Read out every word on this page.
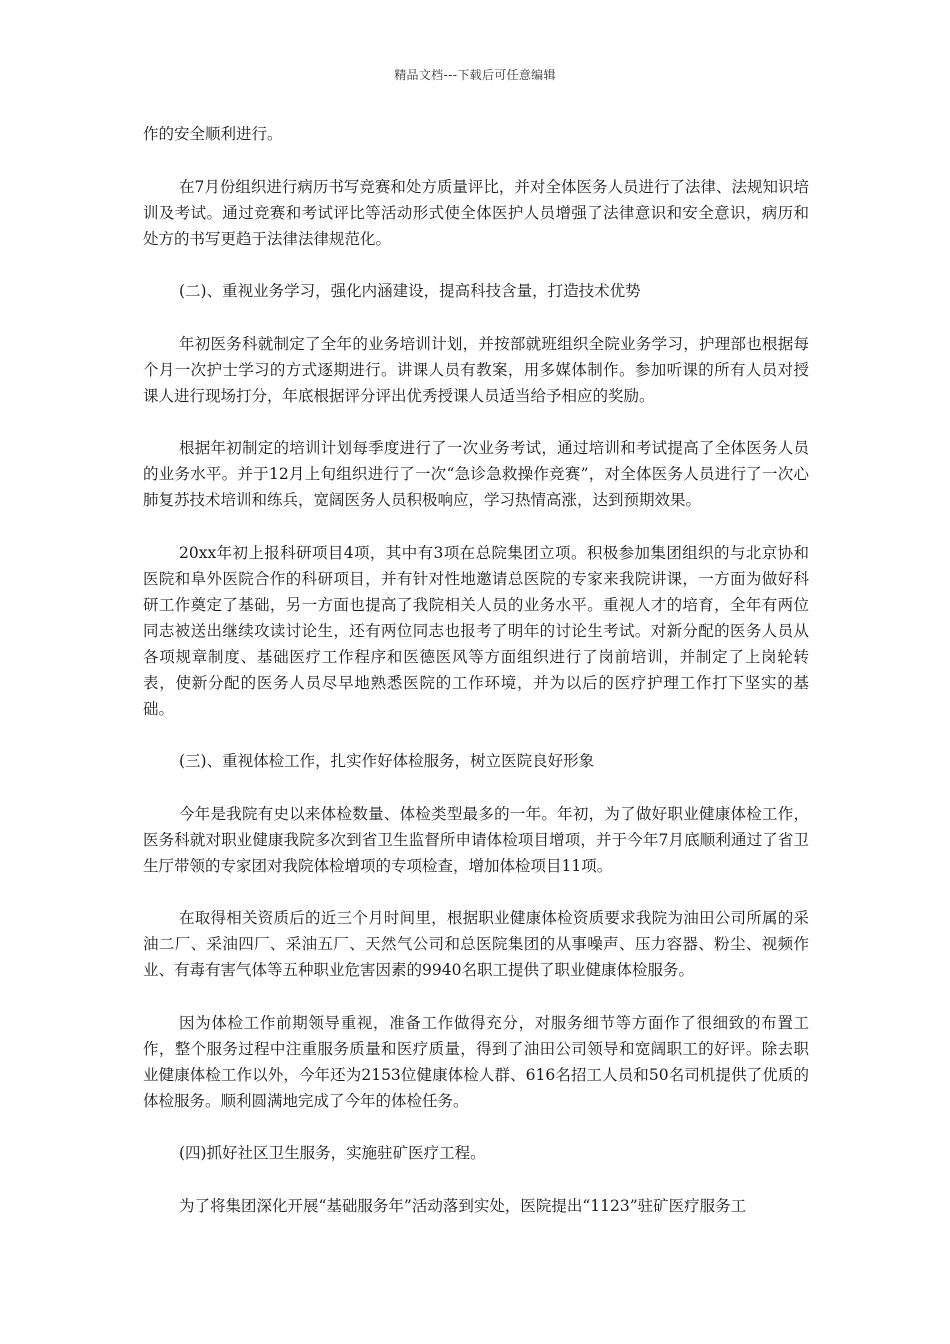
精品文档---下载后可任意编辑

作的安全顺利进行。

在7月份组织进行病历书写竞赛和处方质量评比，并对全体医务人员进行了法律、法规知识培训及考试。通过竞赛和考试评比等活动形式使全体医护人员增强了法律意识和安全意识，病历和处方的书写更趋于法律法律规范化。

(二)、重视业务学习，强化内涵建设，提高科技含量，打造技术优势

年初医务科就制定了全年的业务培训计划，并按部就班组织全院业务学习，护理部也根据每个月一次护士学习的方式逐期进行。讲课人员有教案，用多媒体制作。参加听课的所有人员对授课人进行现场打分，年底根据评分评出优秀授课人员适当给予相应的奖励。

根据年初制定的培训计划每季度进行了一次业务考试，通过培训和考试提高了全体医务人员的业务水平。并于12月上旬组织进行了一次“急诊急救操作竞赛”，对全体医务人员进行了一次心肺复苏技术培训和练兵，宽阔医务人员积极响应，学习热情高涨，达到预期效果。

20xx年初上报科研项目4项，其中有3项在总院集团立项。积极参加集团组织的与北京协和医院和阜外医院合作的科研项目，并有针对性地邀请总医院的专家来我院讲课，一方面为做好科研工作奠定了基础，另一方面也提高了我院相关人员的业务水平。重视人才的培育，全年有两位同志被送出继续攻读讨论生，还有两位同志也报考了明年的讨论生考试。对新分配的医务人员从各项规章制度、基础医疗工作程序和医德医风等方面组织进行了岗前培训，并制定了上岗轮转表，使新分配的医务人员尽早地熟悉医院的工作环境，并为以后的医疗护理工作打下坚实的基础。

(三)、重视体检工作，扎实作好体检服务，树立医院良好形象

今年是我院有史以来体检数量、体检类型最多的一年。年初，为了做好职业健康体检工作，医务科就对职业健康我院多次到省卫生监督所申请体检项目增项，并于今年7月底顺利通过了省卫生厅带领的专家团对我院体检增项的专项检查，增加体检项目11项。

在取得相关资质后的近三个月时间里，根据职业健康体检资质要求我院为油田公司所属的采油二厂、采油四厂、采油五厂、天然气公司和总医院集团的从事噪声、压力容器、粉尘、视频作业、有毒有害气体等五种职业危害因素的9940名职工提供了职业健康体检服务。

因为体检工作前期领导重视，准备工作做得充分，对服务细节等方面作了很细致的布置工作，整个服务过程中注重服务质量和医疗质量，得到了油田公司领导和宽阔职工的好评。除去职业健康体检工作以外，今年还为2153位健康体检人群、616名招工人员和50名司机提供了优质的体检服务。顺利圆满地完成了今年的体检任务。

(四)抓好社区卫生服务，实施驻矿医疗工程。

为了将集团深化开展“基础服务年”活动落到实处，医院提出“1123”驻矿医疗服务工
